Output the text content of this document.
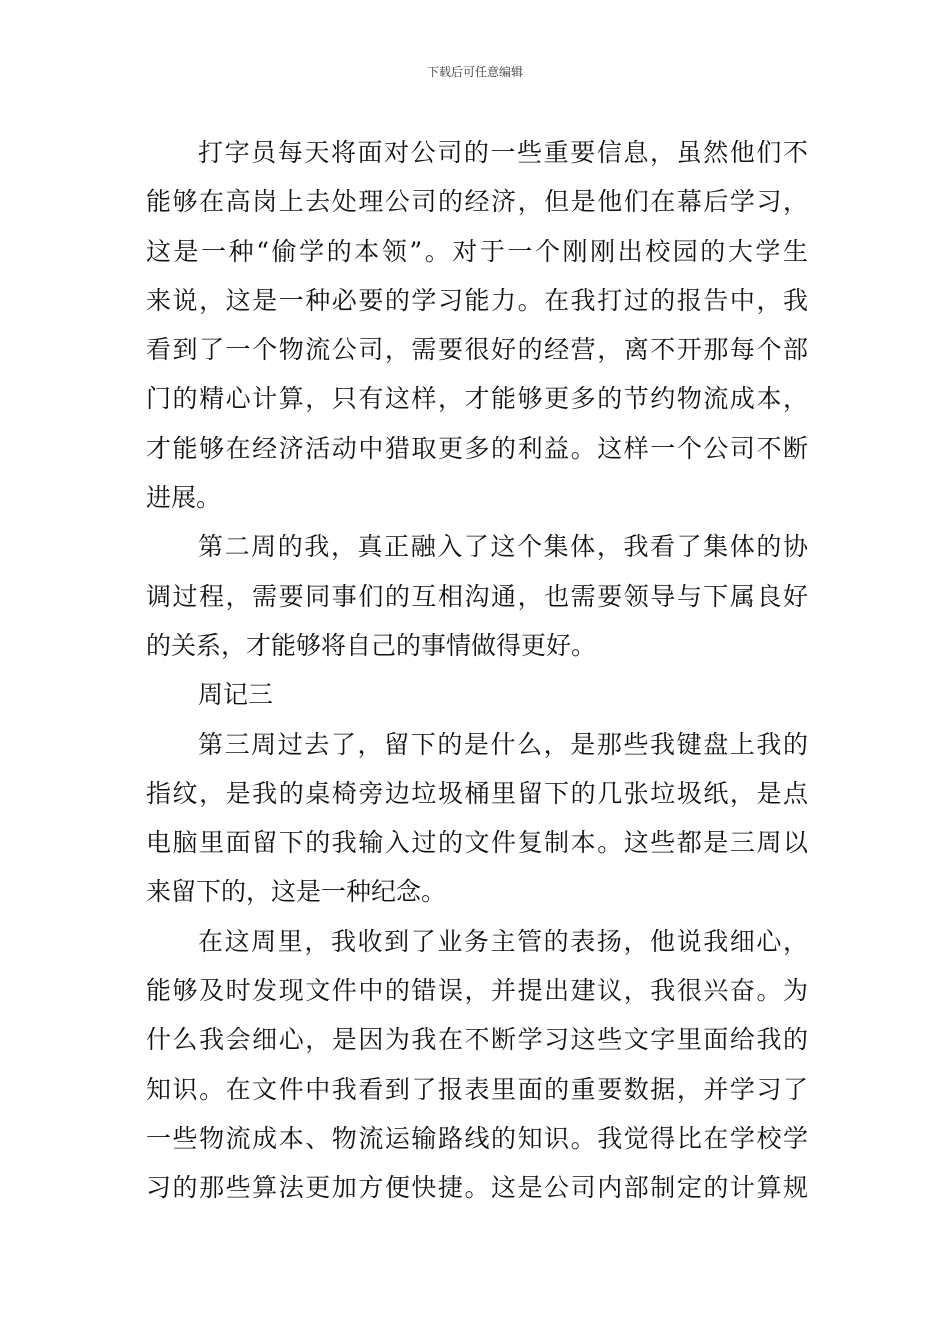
下载后可任意编辑
打字员每天将面对公司的一些重要信息，虽然他们不
能够在高岗上去处理公司的经济，但是他们在幕后学习，
这是一种“偷学的本领”。对于一个刚刚出校园的大学生
来说，这是一种必要的学习能力。在我打过的报告中，我
看到了一个物流公司，需要很好的经营，离不开那每个部
门的精心计算，只有这样，才能够更多的节约物流成本，
才能够在经济活动中猎取更多的利益。这样一个公司不断
进展。
第二周的我，真正融入了这个集体，我看了集体的协
调过程，需要同事们的互相沟通，也需要领导与下属良好
的关系，才能够将自己的事情做得更好。
周记三
第三周过去了，留下的是什么，是那些我键盘上我的
指纹，是我的桌椅旁边垃圾桶里留下的几张垃圾纸，是点
电脑里面留下的我输入过的文件复制本。这些都是三周以
来留下的，这是一种纪念。
在这周里，我收到了业务主管的表扬，他说我细心，
能够及时发现文件中的错误，并提出建议，我很兴奋。为
什么我会细心，是因为我在不断学习这些文字里面给我的
知识。在文件中我看到了报表里面的重要数据，并学习了
一些物流成本、物流运输路线的知识。我觉得比在学校学
习的那些算法更加方便快捷。这是公司内部制定的计算规
